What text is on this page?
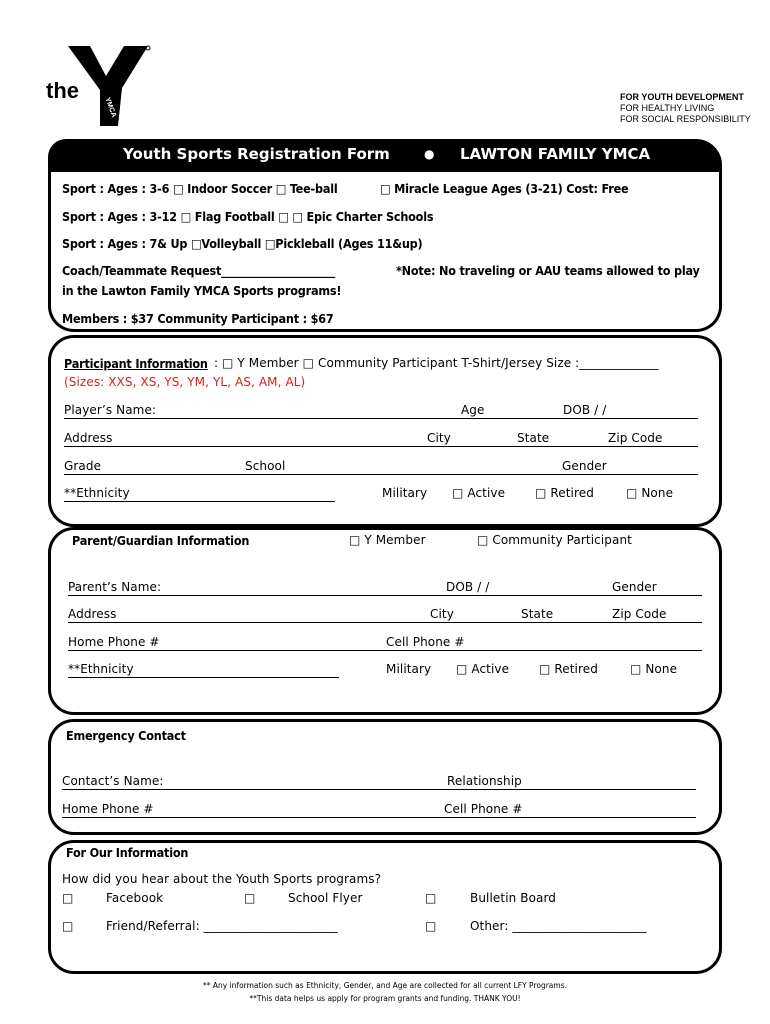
the
YMCA	FOR YOUTH DEVELOPMENT
FOR HEALTHY LIVING
FOR SOCIAL RESPONSIBILITY
Youth Sports Registration Form	● LAWTON FAMILY YMCA
Sport : Ages : 3-6 □ Indoor Soccer □ Tee-ball	□ Miracle League Ages (3-21) Cost: Free
Sport : Ages : 3-12 □ Flag Football □ □ Epic Charter Schools
Sport : Ages : 7& Up □Volleyball □Pickleball (Ages 11&up)
Coach/Teammate Request_____________________	*Note: No traveling or AAU teams allowed to play
in the Lawton Family YMCA Sports programs!
Members : $37 Community Participant : $67
Participant Information : □ Y Member □ Community Participant T-Shirt/Jersey Size :_____________
(Sizes: XXS, XS, YS, YM, YL, AS, AM, AL)
Player’s Name:	Age	DOB / /
Address	City	State	Zip Code
Grade	School	Gender
**Ethnicity	Military □ Active □ Retired	□ None
Parent/Guardian Information	□ Y Member	□ Community Participant
Parent’s Name:	DOB / /	Gender
Address	City	State	Zip Code
Home Phone #	Cell Phone #
**Ethnicity	Military □ Active □ Retired	□ None
Emergency Contact
Contact’s Name:	Relationship
Home Phone #	Cell Phone #
For Our Information
How did you hear about the Youth Sports programs?
□	Facebook	□	School Flyer	□	Bulletin Board
□	Friend/Referral: ______________________	□	Other: ______________________
** Any information such as Ethnicity, Gender, and Age are collected for all current LFY Programs.
**This data helps us apply for program grants and funding. THANK YOU!
